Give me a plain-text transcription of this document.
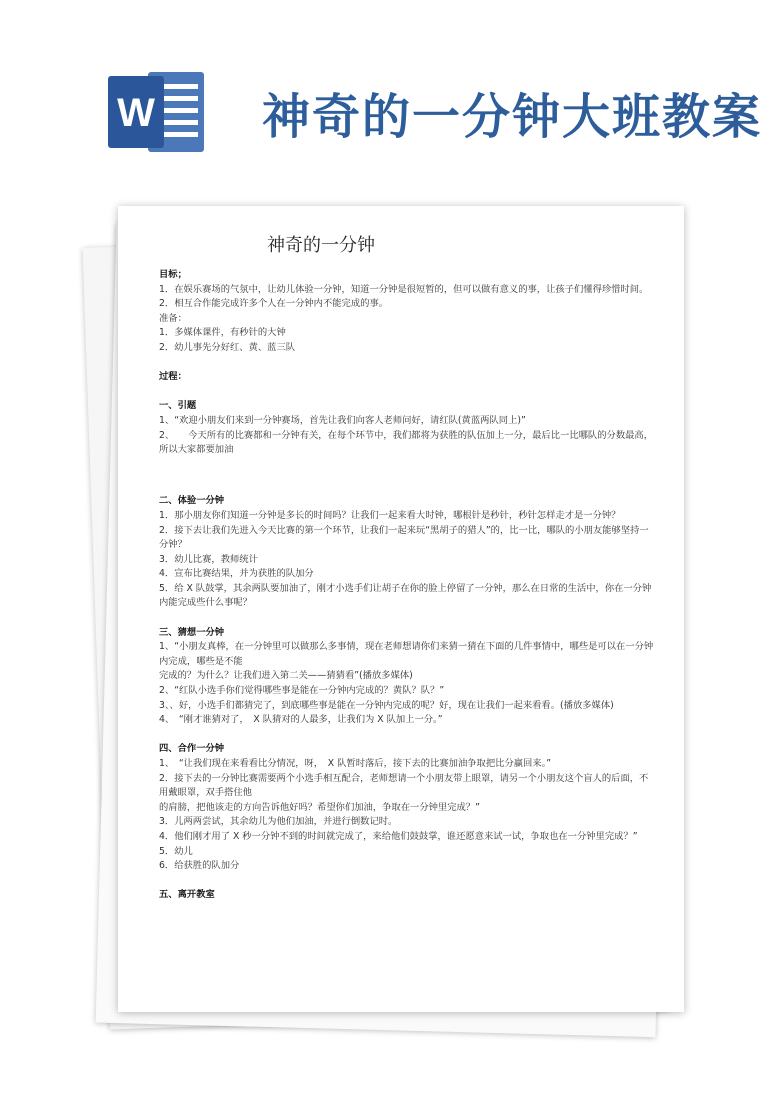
W 神奇的一分钟大班教案
神奇的一分钟
目标；
1．在娱乐赛场的气氛中，让幼儿体验一分钟，知道一分钟是很短暂的，但可以做有意义的事，让孩子们懂得珍惜时间。
2．相互合作能完成许多个人在一分钟内不能完成的事。
准备：
1．多媒体课件，有秒针的大钟
2．幼儿事先分好红、黄、蓝三队
过程：
一、引题
1、“欢迎小朋友们来到一分钟赛场，首先让我们向客人老师问好，请红队(黄蓝两队同上)”
2、　　今天所有的比赛都和一分钟有关，在每个环节中，我们都将为获胜的队伍加上一分，最后比一比哪队的分数最高，所以大家都要加油
二、体验一分钟
1．那小朋友你们知道一分钟是多长的时间吗？让我们一起来看大时钟，哪根针是秒针，秒针怎样走才是一分钟？
2．接下去让我们先进入今天比赛的第一个环节，让我们一起来玩“黑胡子的猎人”的，比一比，哪队的小朋友能够坚持一分钟？
3．幼儿比赛，教师统计
4．宣布比赛结果，并为获胜的队加分
5．给 X 队鼓掌，其余两队要加油了，刚才小选手们让胡子在你的脸上停留了一分钟，那么在日常的生活中，你在一分钟内能完成些什么事呢？
三、猜想一分钟
1、“小朋友真棒，在一分钟里可以做那么多事情，现在老师想请你们来猜一猜在下面的几件事情中，哪些是可以在一分钟内完成，哪些是不能
完成的？为什么？让我们进入第二关——猜猜看”(播放多媒体)
2、“红队小选手你们觉得哪些事是能在一分钟内完成的？黄队？队？”
3、、好，小选手们都猜完了，到底哪些事是能在一分钟内完成的呢？好，现在让我们一起来看看。(播放多媒体)
4、　“刚才谁猜对了，　X 队猜对的人最多，让我们为 X 队加上一分。”
四、合作一分钟
1、　“让我们现在来看看比分情况，呀，　X 队暂时落后，接下去的比赛加油争取把比分赢回来。”
2．接下去的一分钟比赛需要两个小选手相互配合，老师想请一个小朋友带上眼罩，请另一个小朋友这个盲人的后面，不用戴眼罩，双手搭住他
的肩膀，把他该走的方向告诉他好吗？希望你们加油，争取在一分钟里完成？”
3．儿两两尝试，其余幼儿为他们加油，并进行倒数记时。
4．他们刚才用了 X 秒一分钟不到的时间就完成了，来给他们鼓鼓掌，谁还愿意来试一试，争取也在一分钟里完成？”
5．幼儿
6．给获胜的队加分
五、离开教室
